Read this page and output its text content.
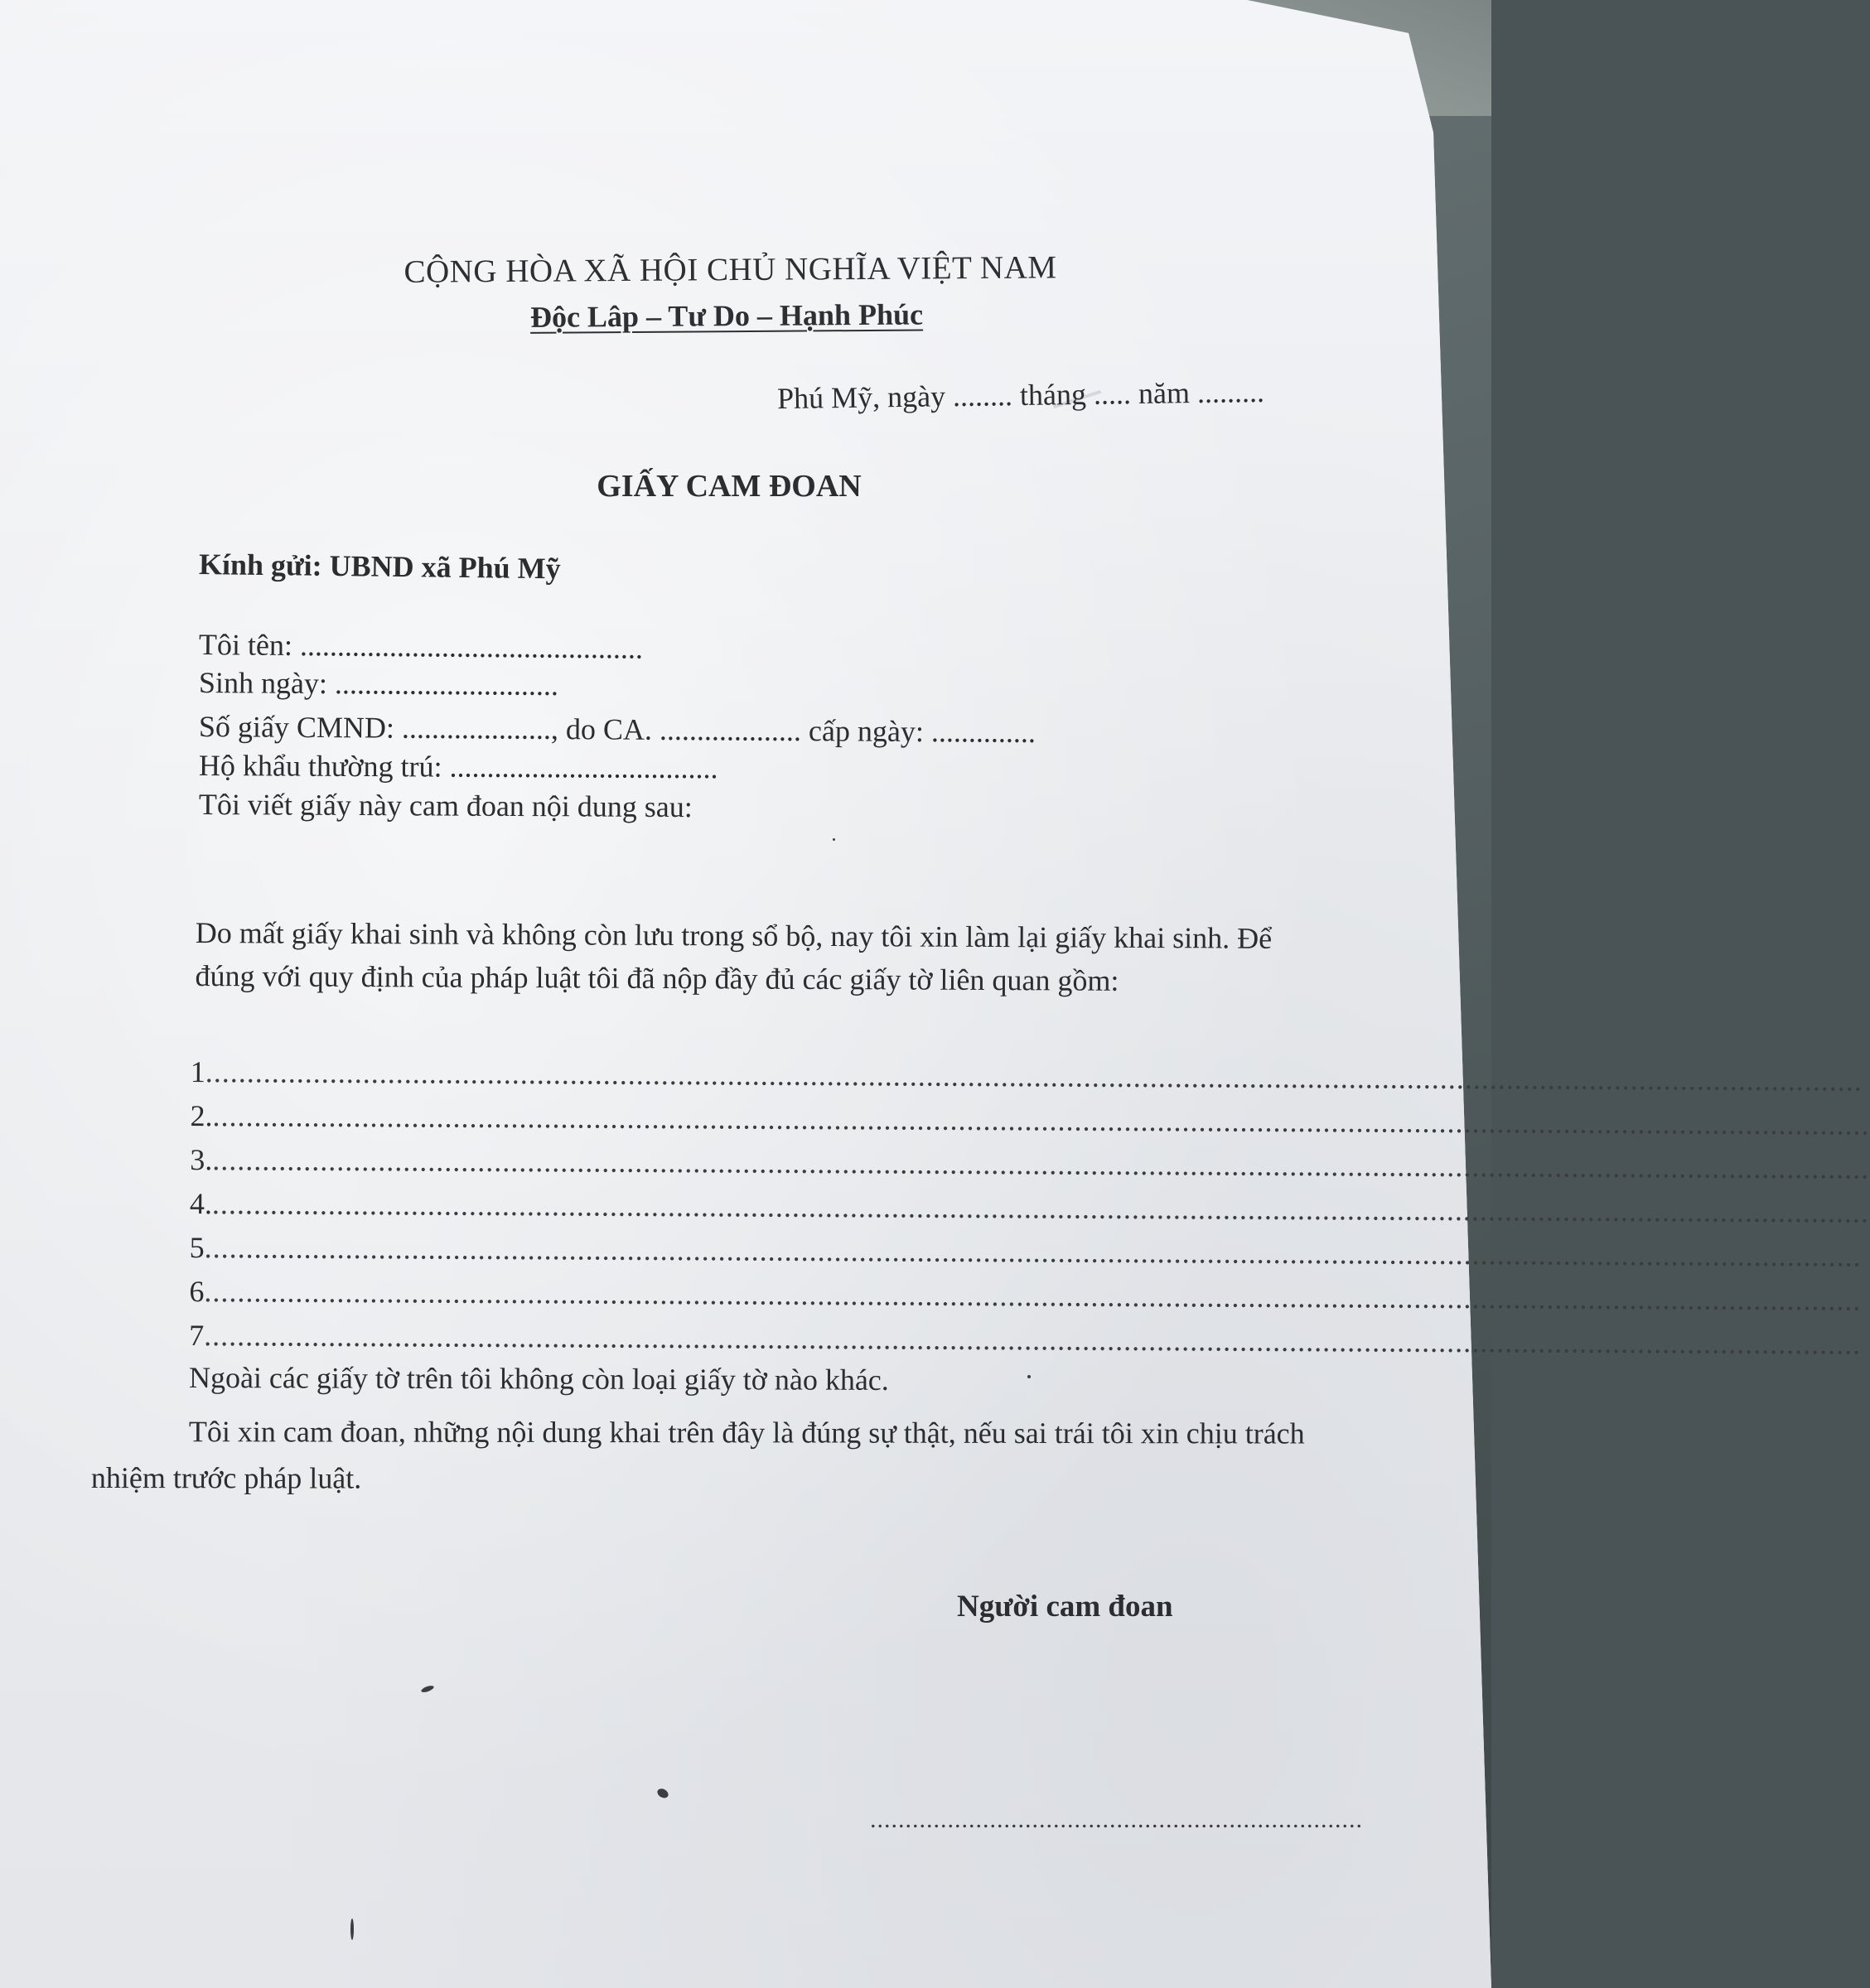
CỘNG HÒA XÃ HỘI CHỦ NGHĨA VIỆT NAM
Độc Lâp – Tư Do – Hạnh Phúc
Phú Mỹ, ngày ........ tháng ..... năm .........
GIẤY CAM ĐOAN
Kính gửi: UBND xã Phú Mỹ
Tôi tên: ..............................................
Sinh ngày: ..............................
Số giấy CMND: ...................., do CA. ................... cấp ngày: ..............
Hộ khẩu thường trú: ....................................
Tôi viết giấy này cam đoan nội dung sau:
Do mất giấy khai sinh và không còn lưu trong sổ bộ, nay tôi xin làm lại giấy khai sinh. Để đúng với quy định của pháp luật tôi đã nộp đầy đủ các giấy tờ liên quan gồm:
1 ........................................................................................................................................................................................................
2. ........................................................................................................................................................................................................
3. ........................................................................................................................................................................................................
4. ........................................................................................................................................................................................................
5 ........................................................................................................................................................................................................
6 ........................................................................................................................................................................................................
7 ........................................................................................................................................................................................................
Ngoài các giấy tờ trên tôi không còn loại giấy tờ nào khác.
Tôi xin cam đoan, những nội dung khai trên đây là đúng sự thật, nếu sai trái tôi xin chịu trách nhiệm trước pháp luật.
Người cam đoan
......................................................................
